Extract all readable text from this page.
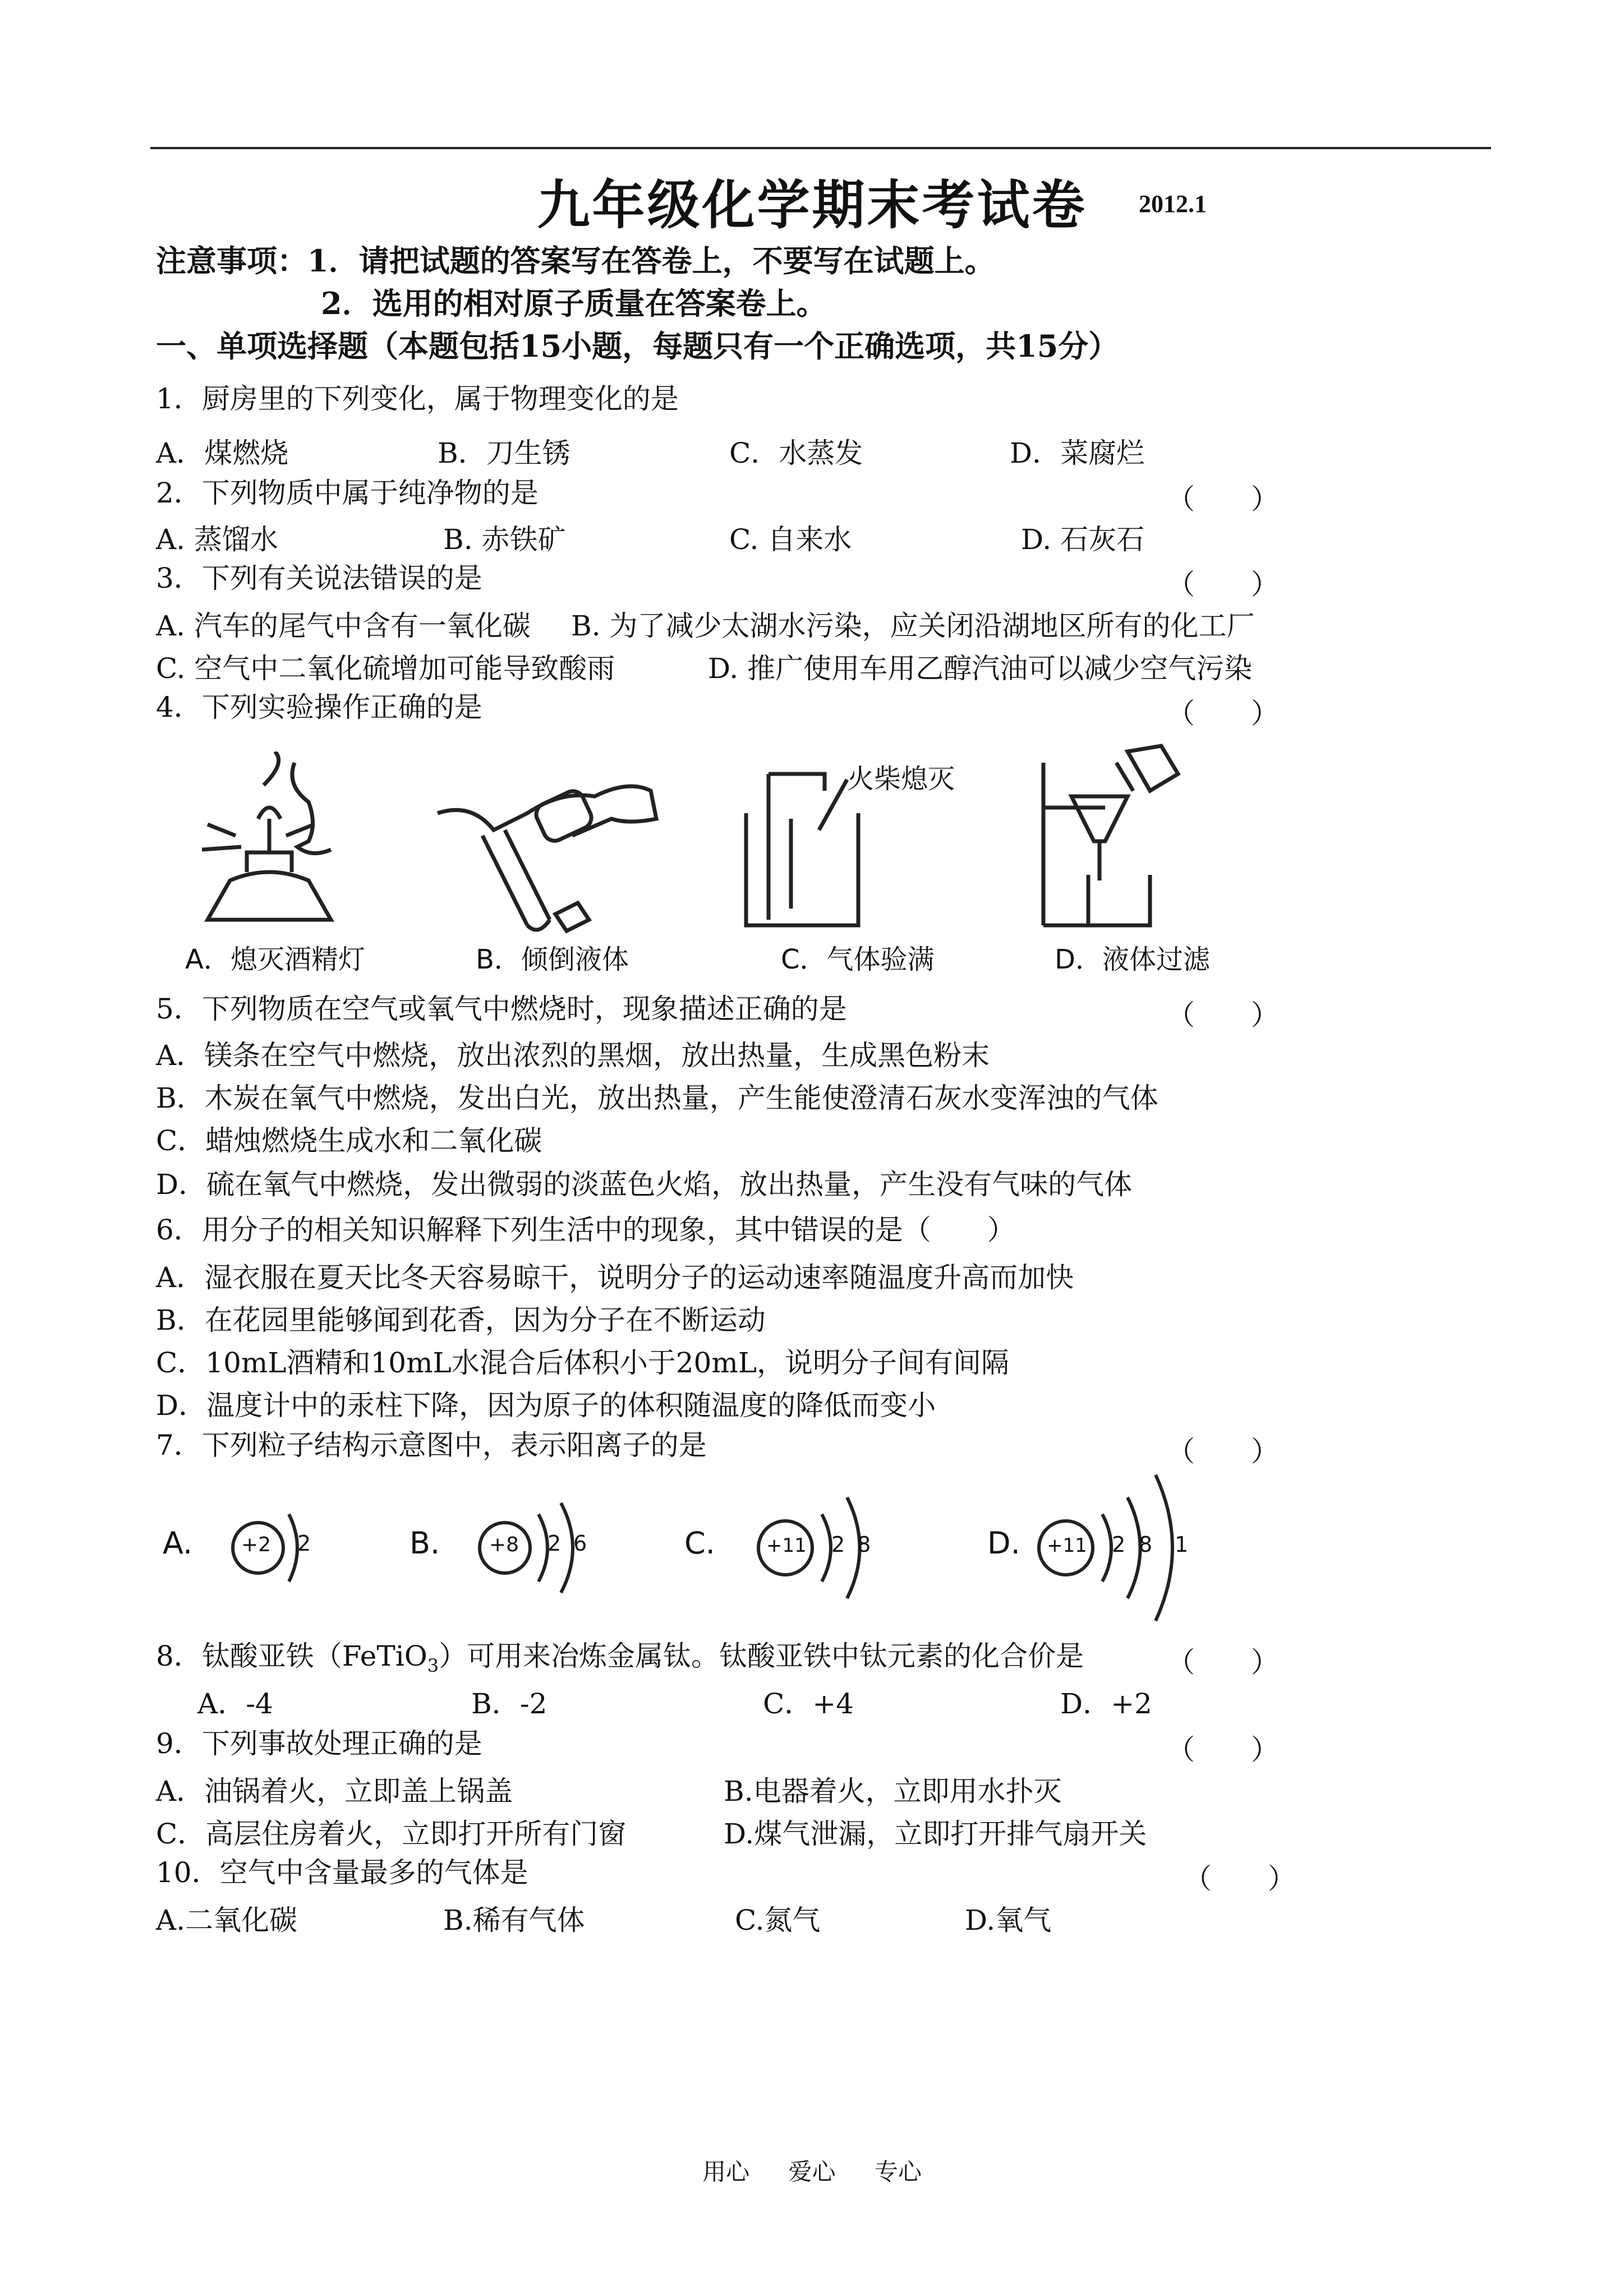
九年级化学期末考试卷 2012.1
注意事项：1．请把试题的答案写在答卷上，不要写在试题上。
2．选用的相对原子质量在答案卷上。
一、单项选择题（本题包括15小题，每题只有一个正确选项，共15分）
1．厨房里的下列变化，属于物理变化的是
A．煤燃烧	B．刀生锈	C．水蒸发	D．菜腐烂
2．下列物质中属于纯净物的是	（　　）
A. 蒸馏水	B. 赤铁矿	C. 自来水	D. 石灰石
3．下列有关说法错误的是	（　　）
A. 汽车的尾气中含有一氧化碳 B. 为了减少太湖水污染，应关闭沿湖地区所有的化工厂
C. 空气中二氧化硫增加可能导致酸雨	D. 推广使用车用乙醇汽油可以减少空气污染
4．下列实验操作正确的是	（　　）
火柴熄灭
A．熄灭酒精灯	B．倾倒液体	C．气体验满	D．液体过滤
5．下列物质在空气或氧气中燃烧时，现象描述正确的是	（　　）
A．镁条在空气中燃烧，放出浓烈的黑烟，放出热量，生成黑色粉末
B．木炭在氧气中燃烧，发出白光，放出热量，产生能使澄清石灰水变浑浊的气体
C．蜡烛燃烧生成水和二氧化碳
D．硫在氧气中燃烧，发出微弱的淡蓝色火焰，放出热量，产生没有气味的气体
6．用分子的相关知识解释下列生活中的现象，其中错误的是（　　）
A．湿衣服在夏天比冬天容易晾干，说明分子的运动速率随温度升高而加快
B．在花园里能够闻到花香，因为分子在不断运动
C．10mL酒精和10mL水混合后体积小于20mL，说明分子间有间隔
D．温度计中的汞柱下降，因为原子的体积随温度的降低而变小
7．下列粒子结构示意图中，表示阳离子的是	（　　）
A. +2 2	B. +8 2 6	C.	+11 2 8	D. +11 2 8 1
8．钛酸亚铁（FeTiO$_3$）可用来冶炼金属钛。钛酸亚铁中钛元素的化合价是	（　　）
A．-4	B．-2	C．+4	D．+2
9．下列事故处理正确的是	（　　）
A．油锅着火，立即盖上锅盖	B.电器着火，立即用水扑灭
C．高层住房着火，立即打开所有门窗	D.煤气泄漏，立即打开排气扇开关
10．空气中含量最多的气体是	（　　）
A.二氧化碳	B.稀有气体	C.氮气	D.氧气
用心 爱心 专心
